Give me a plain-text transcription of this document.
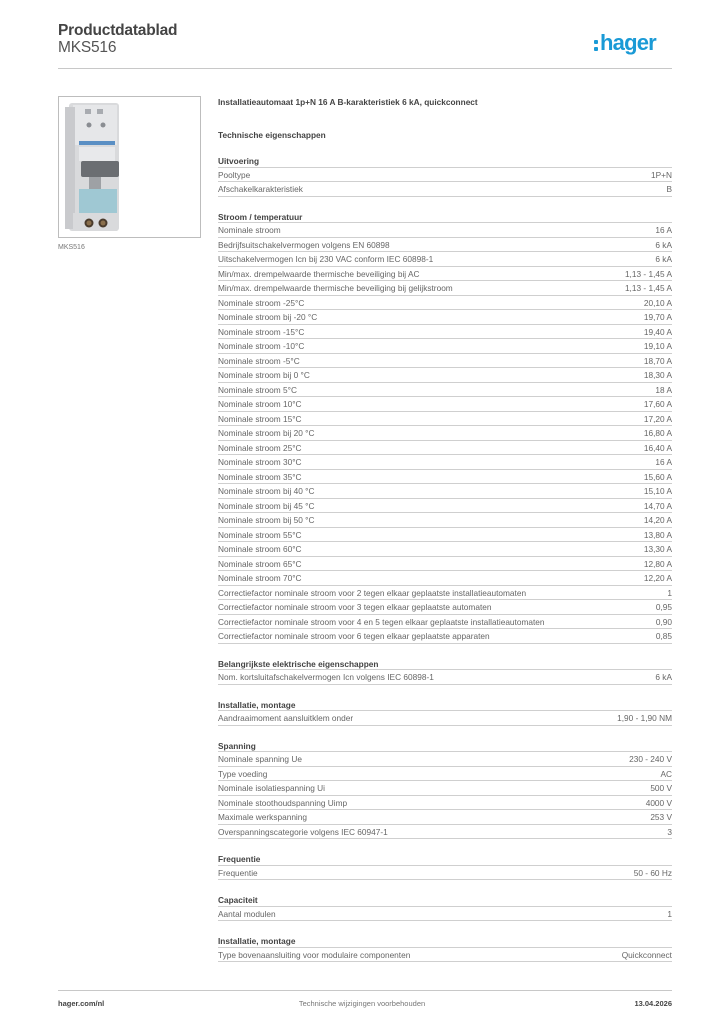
Productdatablad
MKS516	hager
MKS516
Installatieautomaat 1p+N 16 A B-karakteristiek 6 kA, quickconnect
Technische eigenschappen
Uitvoering
Pooltype	1P+N
Afschakelkarakteristiek	B
Stroom / temperatuur
Nominale stroom	16 A
Bedrijfsuitschakelvermogen volgens EN 60898	6 kA
Uitschakelvermogen Icn bij 230 VAC conform IEC 60898-1	6 kA
Min/max. drempelwaarde thermische beveiliging bij AC	1,13 - 1,45 A
Min/max. drempelwaarde thermische beveiliging bij gelijkstroom	1,13 - 1,45 A
Nominale stroom -25°C	20,10 A
Nominale stroom bij -20 °C	19,70 A
Nominale stroom -15°C	19,40 A
Nominale stroom -10°C	19,10 A
Nominale stroom -5°C	18,70 A
Nominale stroom bij 0 °C	18,30 A
Nominale stroom 5°C	18 A
Nominale stroom 10°C	17,60 A
Nominale stroom 15°C	17,20 A
Nominale stroom bij 20 °C	16,80 A
Nominale stroom 25°C	16,40 A
Nominale stroom 30°C	16 A
Nominale stroom 35°C	15,60 A
Nominale stroom bij 40 °C	15,10 A
Nominale stroom bij 45 °C	14,70 A
Nominale stroom bij 50 °C	14,20 A
Nominale stroom 55°C	13,80 A
Nominale stroom 60°C	13,30 A
Nominale stroom 65°C	12,80 A
Nominale stroom 70°C	12,20 A
Correctiefactor nominale stroom voor 2 tegen elkaar geplaatste installatieautomaten	1
Correctiefactor nominale stroom voor 3 tegen elkaar geplaatste automaten	0,95
Correctiefactor nominale stroom voor 4 en 5 tegen elkaar geplaatste installatieautomaten	0,90
Correctiefactor nominale stroom voor 6 tegen elkaar geplaatste apparaten	0,85
Belangrijkste elektrische eigenschappen
Nom. kortsluitafschakelvermogen Icn volgens IEC 60898-1	6 kA
Installatie, montage
Aandraaimoment aansluitklem onder	1,90 - 1,90 NM
Spanning
Nominale spanning Ue	230 - 240 V
Type voeding	AC
Nominale isolatiespanning Ui	500 V
Nominale stoothoudspanning Uimp	4000 V
Maximale werkspanning	253 V
Overspanningscategorie volgens IEC 60947-1	3
Frequentie
Frequentie	50 - 60 Hz
Capaciteit
Aantal modulen	1
Installatie, montage
Type bovenaansluiting voor modulaire componenten	Quickconnect
hager.com/nl	Technische wijzigingen voorbehouden	13.04.2026
